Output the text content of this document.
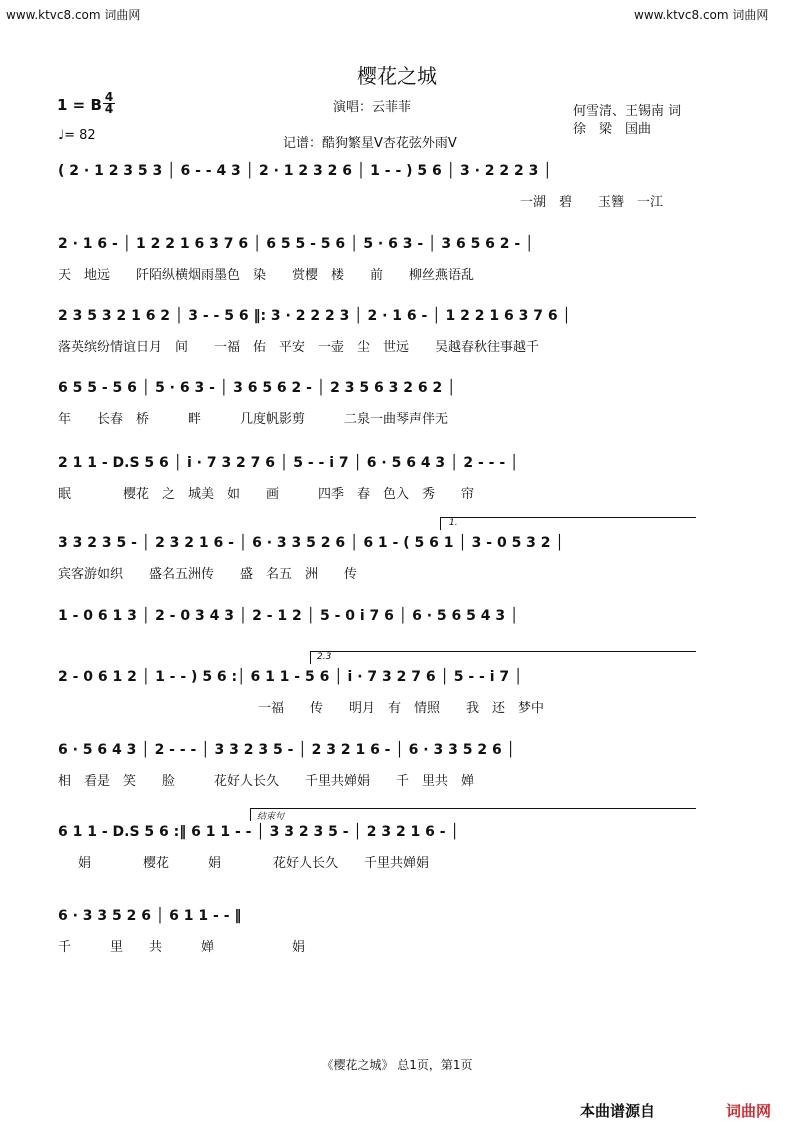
www.ktvc8.com 词曲网	www.ktvc8.com 词曲网
樱花之城
1 = B 4
4
♩= 82
演唱：云菲菲	何雪清、王锡南 词
徐　梁　国曲
记谱：酷狗繁星V杏花弦外雨V
( 2 · 1 2 3 5 3 │ 6 - - 4 3 │ 2 · 1 2 3 2 6 │ 1 - - ) 5 6 │ 3 · 2 2 2 3 │
一湖　碧　　玉簪　一江
2 · 1 6 - │ 1 2 2 1 6 3 7 6 │ 6 5 5 - 5 6 │ 5 · 6 3 - │ 3 6 5 6 2 - │
天　地远　　阡陌纵横烟雨墨色　染　　赏樱　楼　　前　　柳丝燕语乱
2 3 5 3 2 1 6 2 │ 3 - - 5 6 ‖: 3 · 2 2 2 3 │ 2 · 1 6 - │ 1 2 2 1 6 3 7 6 │
落英缤纷情谊日月　间　　一福　佑　平安　一壶　尘　世远　　吴越春秋往事越千
6 5 5 - 5 6 │ 5 · 6 3 - │ 3 6 5 6 2 - │ 2 3 5 6 3 2 6 2 │
年　　长春　桥　　　畔　　　几度帆影剪　　　二泉一曲琴声伴无
2 1 1 - D.S 5 6 │ i · 7 3 2 7 6 │ 5 - - i 7 │ 6 · 5 6 4 3 │ 2 - - - │
眠　　　　樱花　之　城美　如　　画　　　四季　春　色入　秀　　帘
1.
3 3 2 3 5 - │ 2 3 2 1 6 - │ 6 · 3 3 5 2 6 │ 6 1 - ( 5 6 1 │ 3 - 0 5 3 2 │
宾客游如织　　盛名五洲传　　盛　名五　洲　　传
1 - 0 6 1 3 │ 2 - 0 3 4 3 │ 2 - 1 2 │ 5 - 0 i 7 6 │ 6 · 5 6 5 4 3 │
2.3
2 - 0 6 1 2 │ 1 - - ) 5 6 :│ 6 1 1 - 5 6 │ i · 7 3 2 7 6 │ 5 - - i 7 │
一福　　传　　明月　有　情照　　我　还　梦中
6 · 5 6 4 3 │ 2 - - - │ 3 3 2 3 5 - │ 2 3 2 1 6 - │ 6 · 3 3 5 2 6 │
相　看是　笑　　脸　　　花好人长久　　千里共婵娟　　千　里共　婵
结束句
6 1 1 - D.S 5 6 :‖ 6 1 1 - - │ 3 3 2 3 5 - │ 2 3 2 1 6 - │
娟　　　　樱花　　　娟　　　　花好人长久　　千里共婵娟
6 · 3 3 5 2 6 │ 6 1 1 - - ‖
千　　　里　　共　　　婵　　　　　　娟
《樱花之城》 总1页，第1页
本曲谱源自	词曲网
